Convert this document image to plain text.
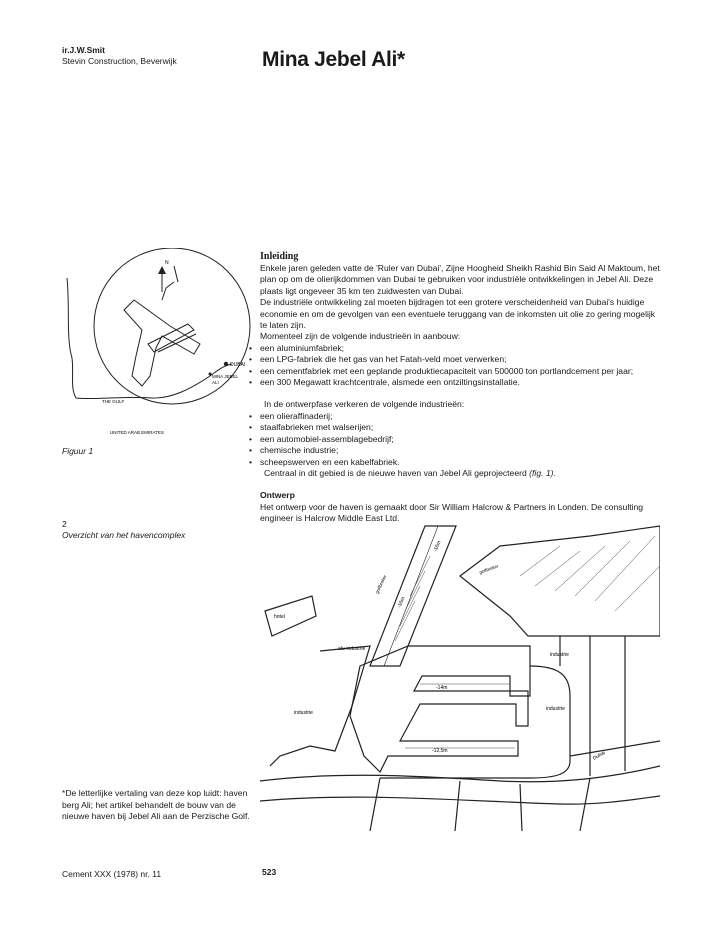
ir.J.W.Smit
Stevin Construction, Beverwijk	Mina Jebel Ali*
N
DUBAI
MINA JEBEL
ALI
THE GULF
UNITED ARAB EMIRATES
Figuur 1
Inleiding

Enkele jaren geleden vatte de 'Ruler van Dubai', Zijne Hoogheid Sheikh Rashid Bin Said Al Maktoum, het plan op om de olierijkdommen van Dubai te gebruiken voor industriële ontwikkelingen in Jebel Ali. Deze plaats ligt ongeveer 35 km ten zuidwesten van Dubai.

De industriële ontwikkeling zal moeten bijdragen tot een grotere verscheidenheid van Dubai's huidige economie en om de gevolgen van een eventuele teruggang van de inkomsten uit olie zo gering mogelijk te laten zijn.

Momenteel zijn de volgende industrieën in aanbouw:

• een aluminiumfabriek;
• een LPG-fabriek die het gas van het Fatah-veld moet verwerken;
• een cementfabriek met een geplande produktiecapaciteit van 500000 ton portlandcement per jaar;
• een 300 Megawatt krachtcentrale, alsmede een ontziltingsinstallatie.

In de ontwerpfase verkeren de volgende industrieën:

• een olieraffinaderij;
• staalfabrieken met walserijen;
• een automobiel-assemblagebedrijf;
• chemische industrie;
• scheepswerven en een kabelfabriek.

Centraal in dit gebied is de nieuwe haven van Jebel Ali geprojecteerd (fig. 1).

Ontwerp

Het ontwerp voor de haven is gemaakt door Sir William Halcrow & Partners in Londen. De consulting engineer is Halcrow Middle East Ltd.

2
Overzicht van het havencomplex
hotel
industrie
industrie
industrie
alu-industrie
-14m
-12,5m
-16m
-16m
golfbreker
golfbreker
Dubai
*De letterlijke vertaling van deze kop luidt: haven berg Ali; het artikel behandelt de bouw van de nieuwe haven bij Jebel Ali aan de Perzische Golf.
Cement XXX (1978) nr. 11	523
